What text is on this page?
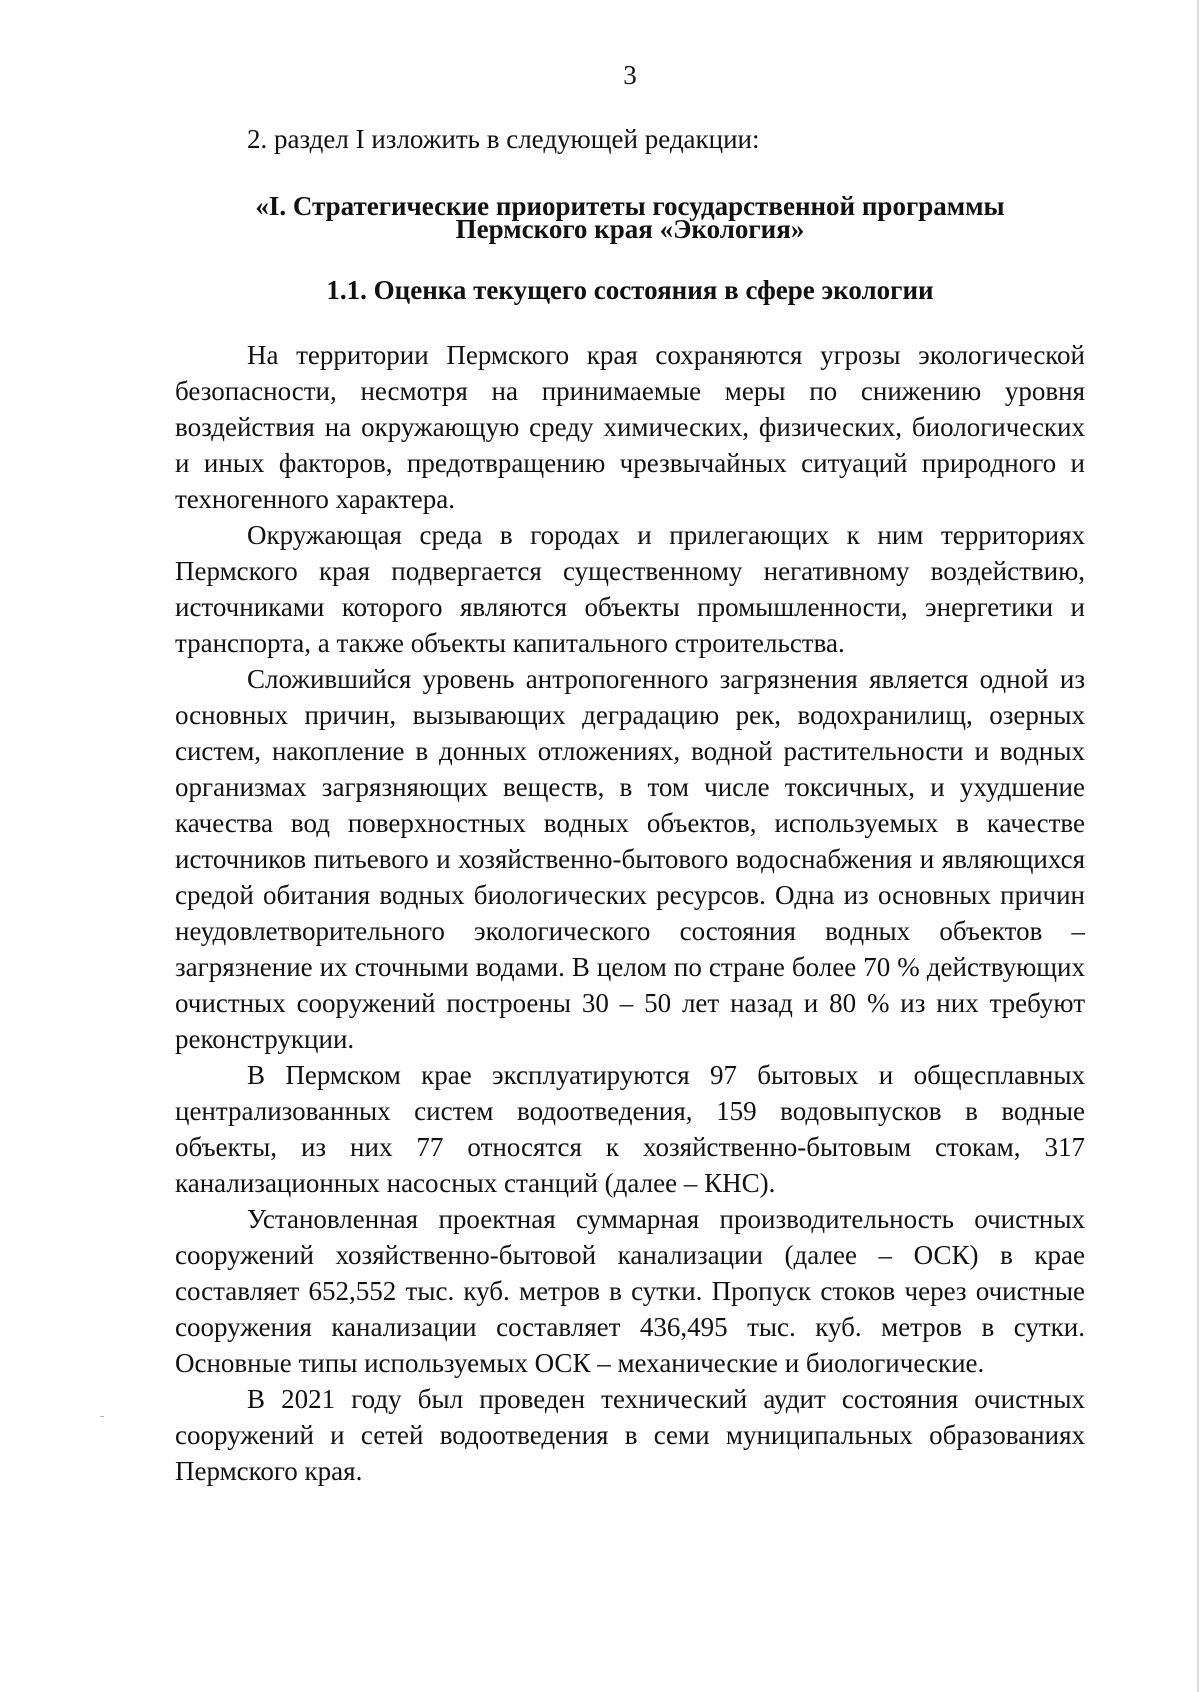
3

2. раздел I изложить в следующей редакции:

«I. Стратегические приоритеты государственной программы
Пермского края «Экология»
1.1. Оценка текущего состояния в сфере экологии

На территории Пермского края сохраняются угрозы экологической безопасности, несмотря на принимаемые меры по снижению уровня воздействия на окружающую среду химических, физических, биологических и иных факторов, предотвращению чрезвычайных ситуаций природного и техногенного характера.

Окружающая среда в городах и прилегающих к ним территориях Пермского края подвергается существенному негативному воздействию, источниками которого являются объекты промышленности, энергетики и транспорта, а также объекты капитального строительства.

Сложившийся уровень антропогенного загрязнения является одной из основных причин, вызывающих деградацию рек, водохранилищ, озерных систем, накопление в донных отложениях, водной растительности и водных организмах загрязняющих веществ, в том числе токсичных, и ухудшение качества вод поверхностных водных объектов, используемых в качестве источников питьевого и хозяйственно-бытового водоснабжения и являющихся средой обитания водных биологических ресурсов. Одна из основных причин неудовлетворительного экологического состояния водных объектов – загрязнение их сточными водами. В целом по стране более 70 % действующих очистных сооружений построены 30 – 50 лет назад и 80 % из них требуют реконструкции.

В Пермском крае эксплуатируются 97 бытовых и общесплавных централизованных систем водоотведения, 159 водовыпусков в водные объекты, из них 77 относятся к хозяйственно-бытовым стокам, 317 канализационных насосных станций (далее – КНС).

Установленная проектная суммарная производительность очистных сооружений хозяйственно-бытовой канализации (далее – ОСК) в крае составляет 652,552 тыс. куб. метров в сутки. Пропуск стоков через очистные сооружения канализации составляет 436,495 тыс. куб. метров в сутки. Основные типы используемых ОСК – механические и биологические.

В 2021 году был проведен технический аудит состояния очистных сооружений и сетей водоотведения в семи муниципальных образованиях Пермского края.
